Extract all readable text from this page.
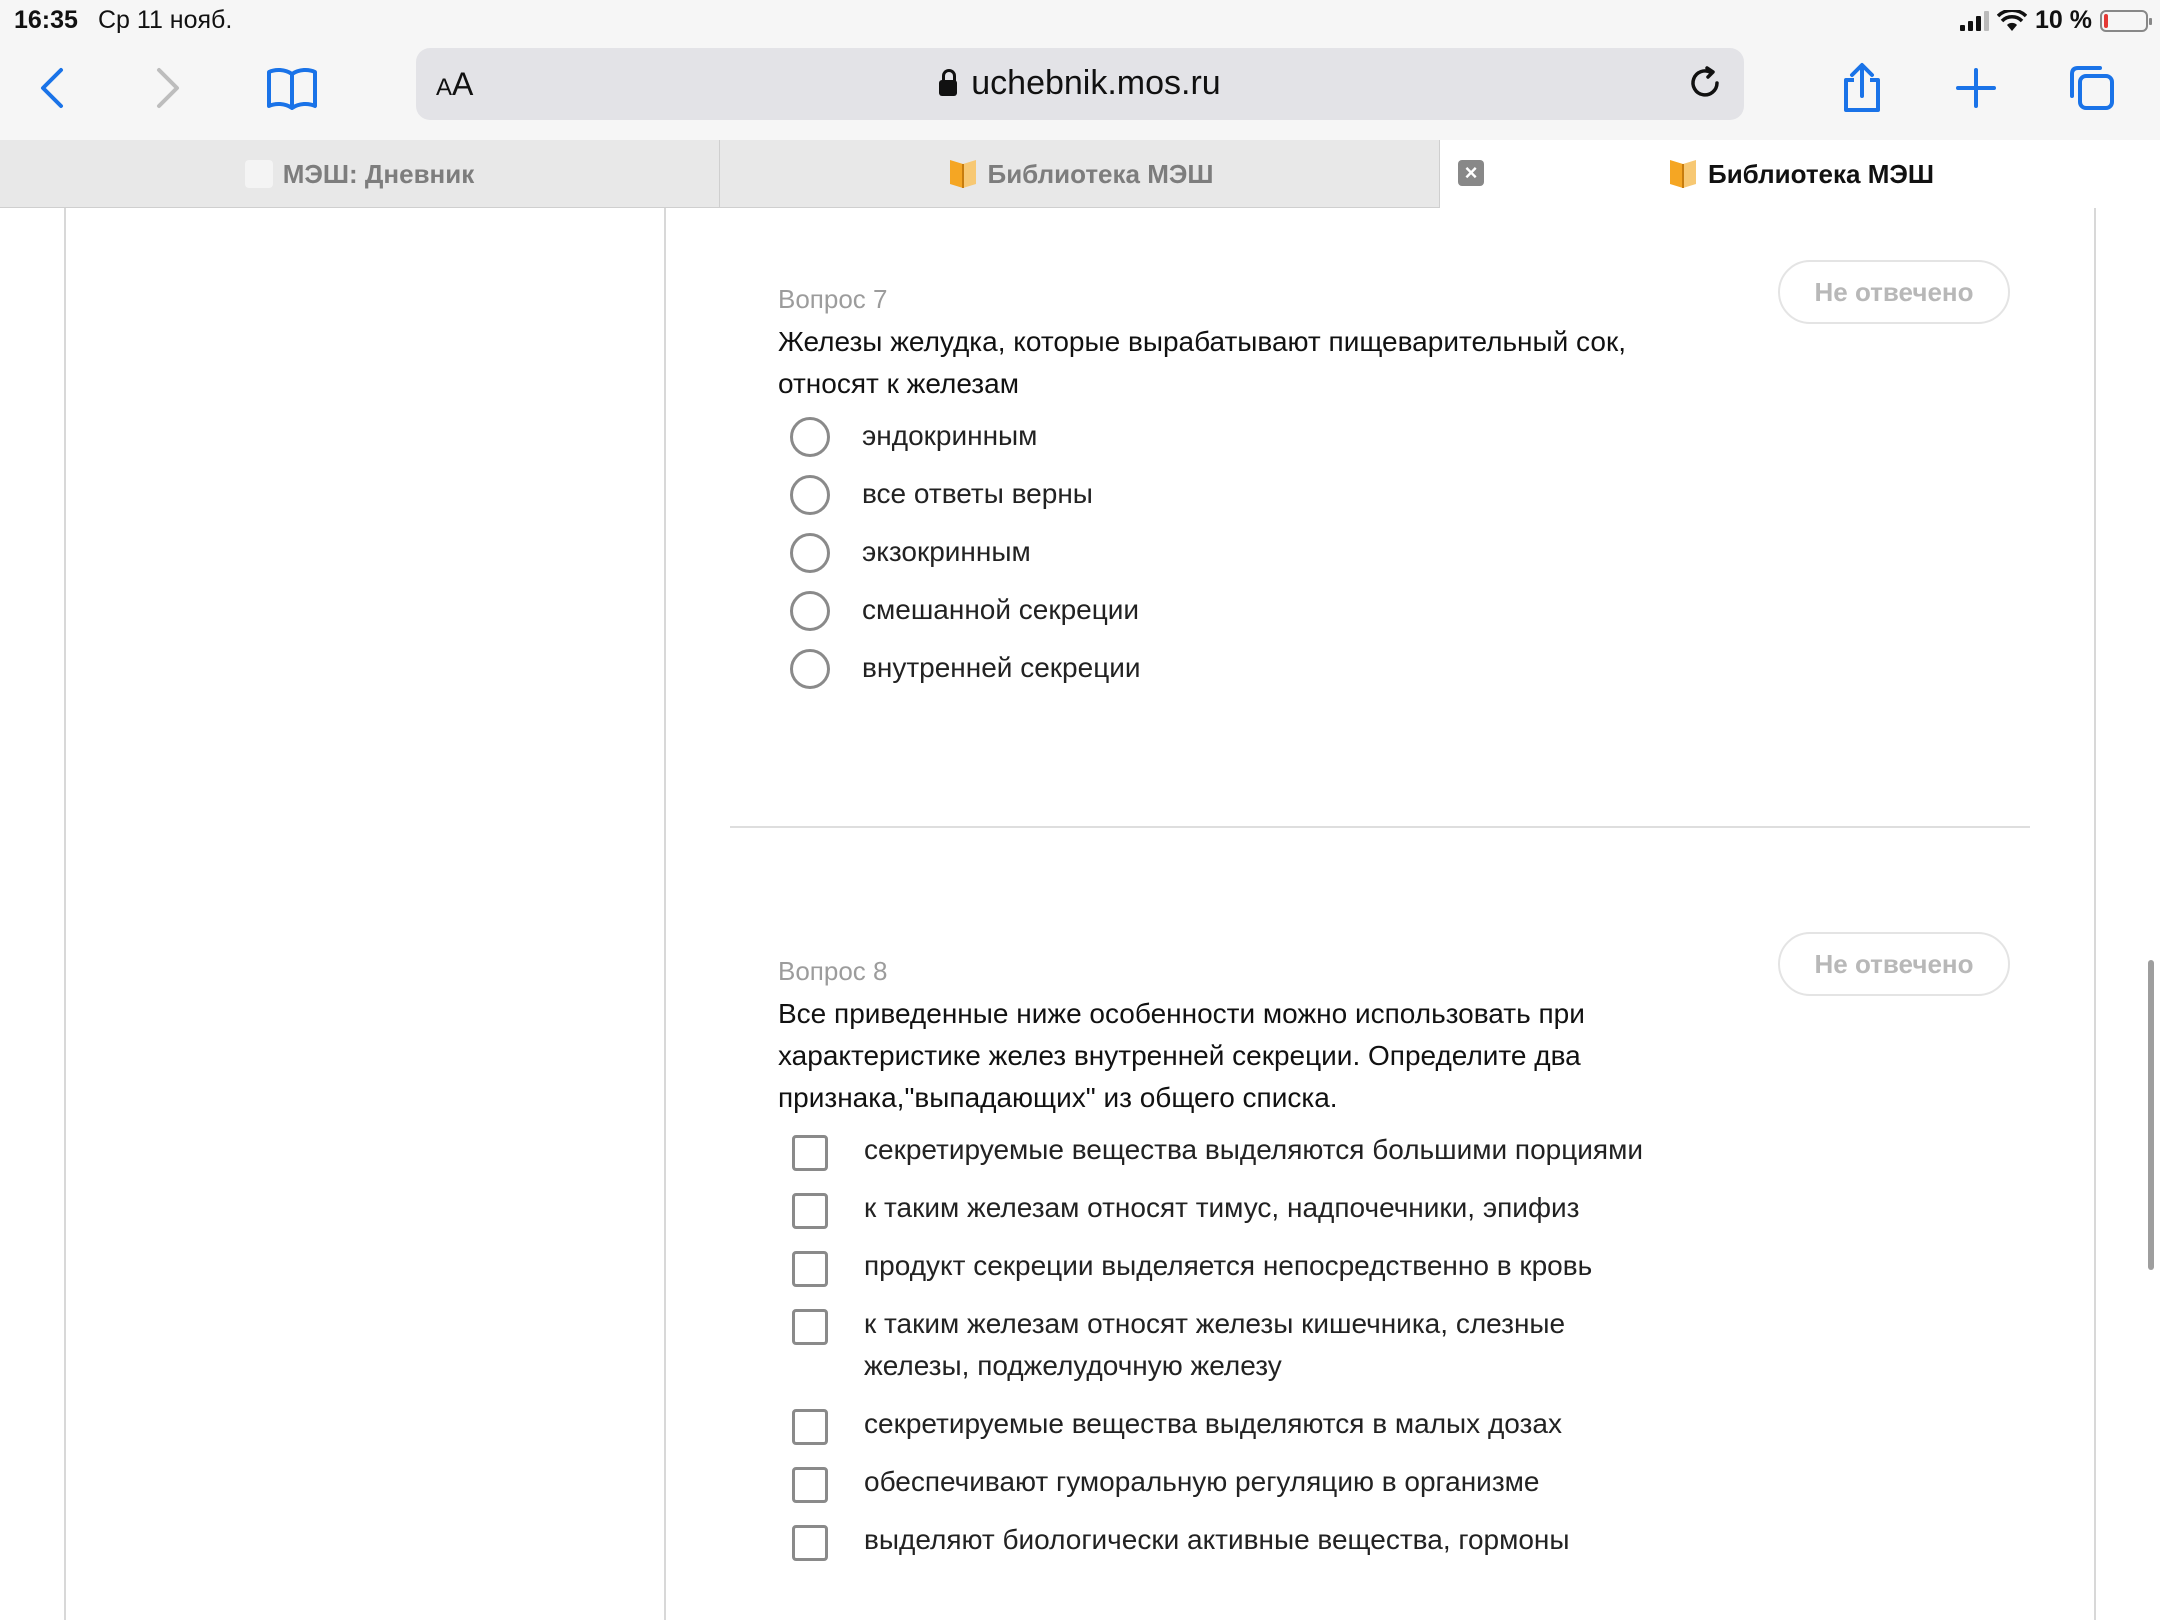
16:35 Ср 11 нояб.	10 %
AA	uchebnik.mos.ru
МЭШ: Дневник	Библиотека МЭШ	×	Библиотека МЭШ
Не отвечено
Вопрос 7
Железы желудка, которые вырабатывают пищеварительный сок, относят к железам
эндокринным
все ответы верны
экзокринным
смешанной секреции
внутренней секреции
Не отвечено
Вопрос 8
Все приведенные ниже особенности можно использовать при характеристике желез внутренней секреции. Определите два признака,"выпадающих" из общего списка.
секретируемые вещества выделяются большими порциями
к таким железам относят тимус, надпочечники, эпифиз
продукт секреции выделяется непосредственно в кровь
к таким железам относят железы кишечника, слезные железы, поджелудочную железу
секретируемые вещества выделяются в малых дозах
обеспечивают гуморальную регуляцию в организме
выделяют биологически активные вещества, гормоны
